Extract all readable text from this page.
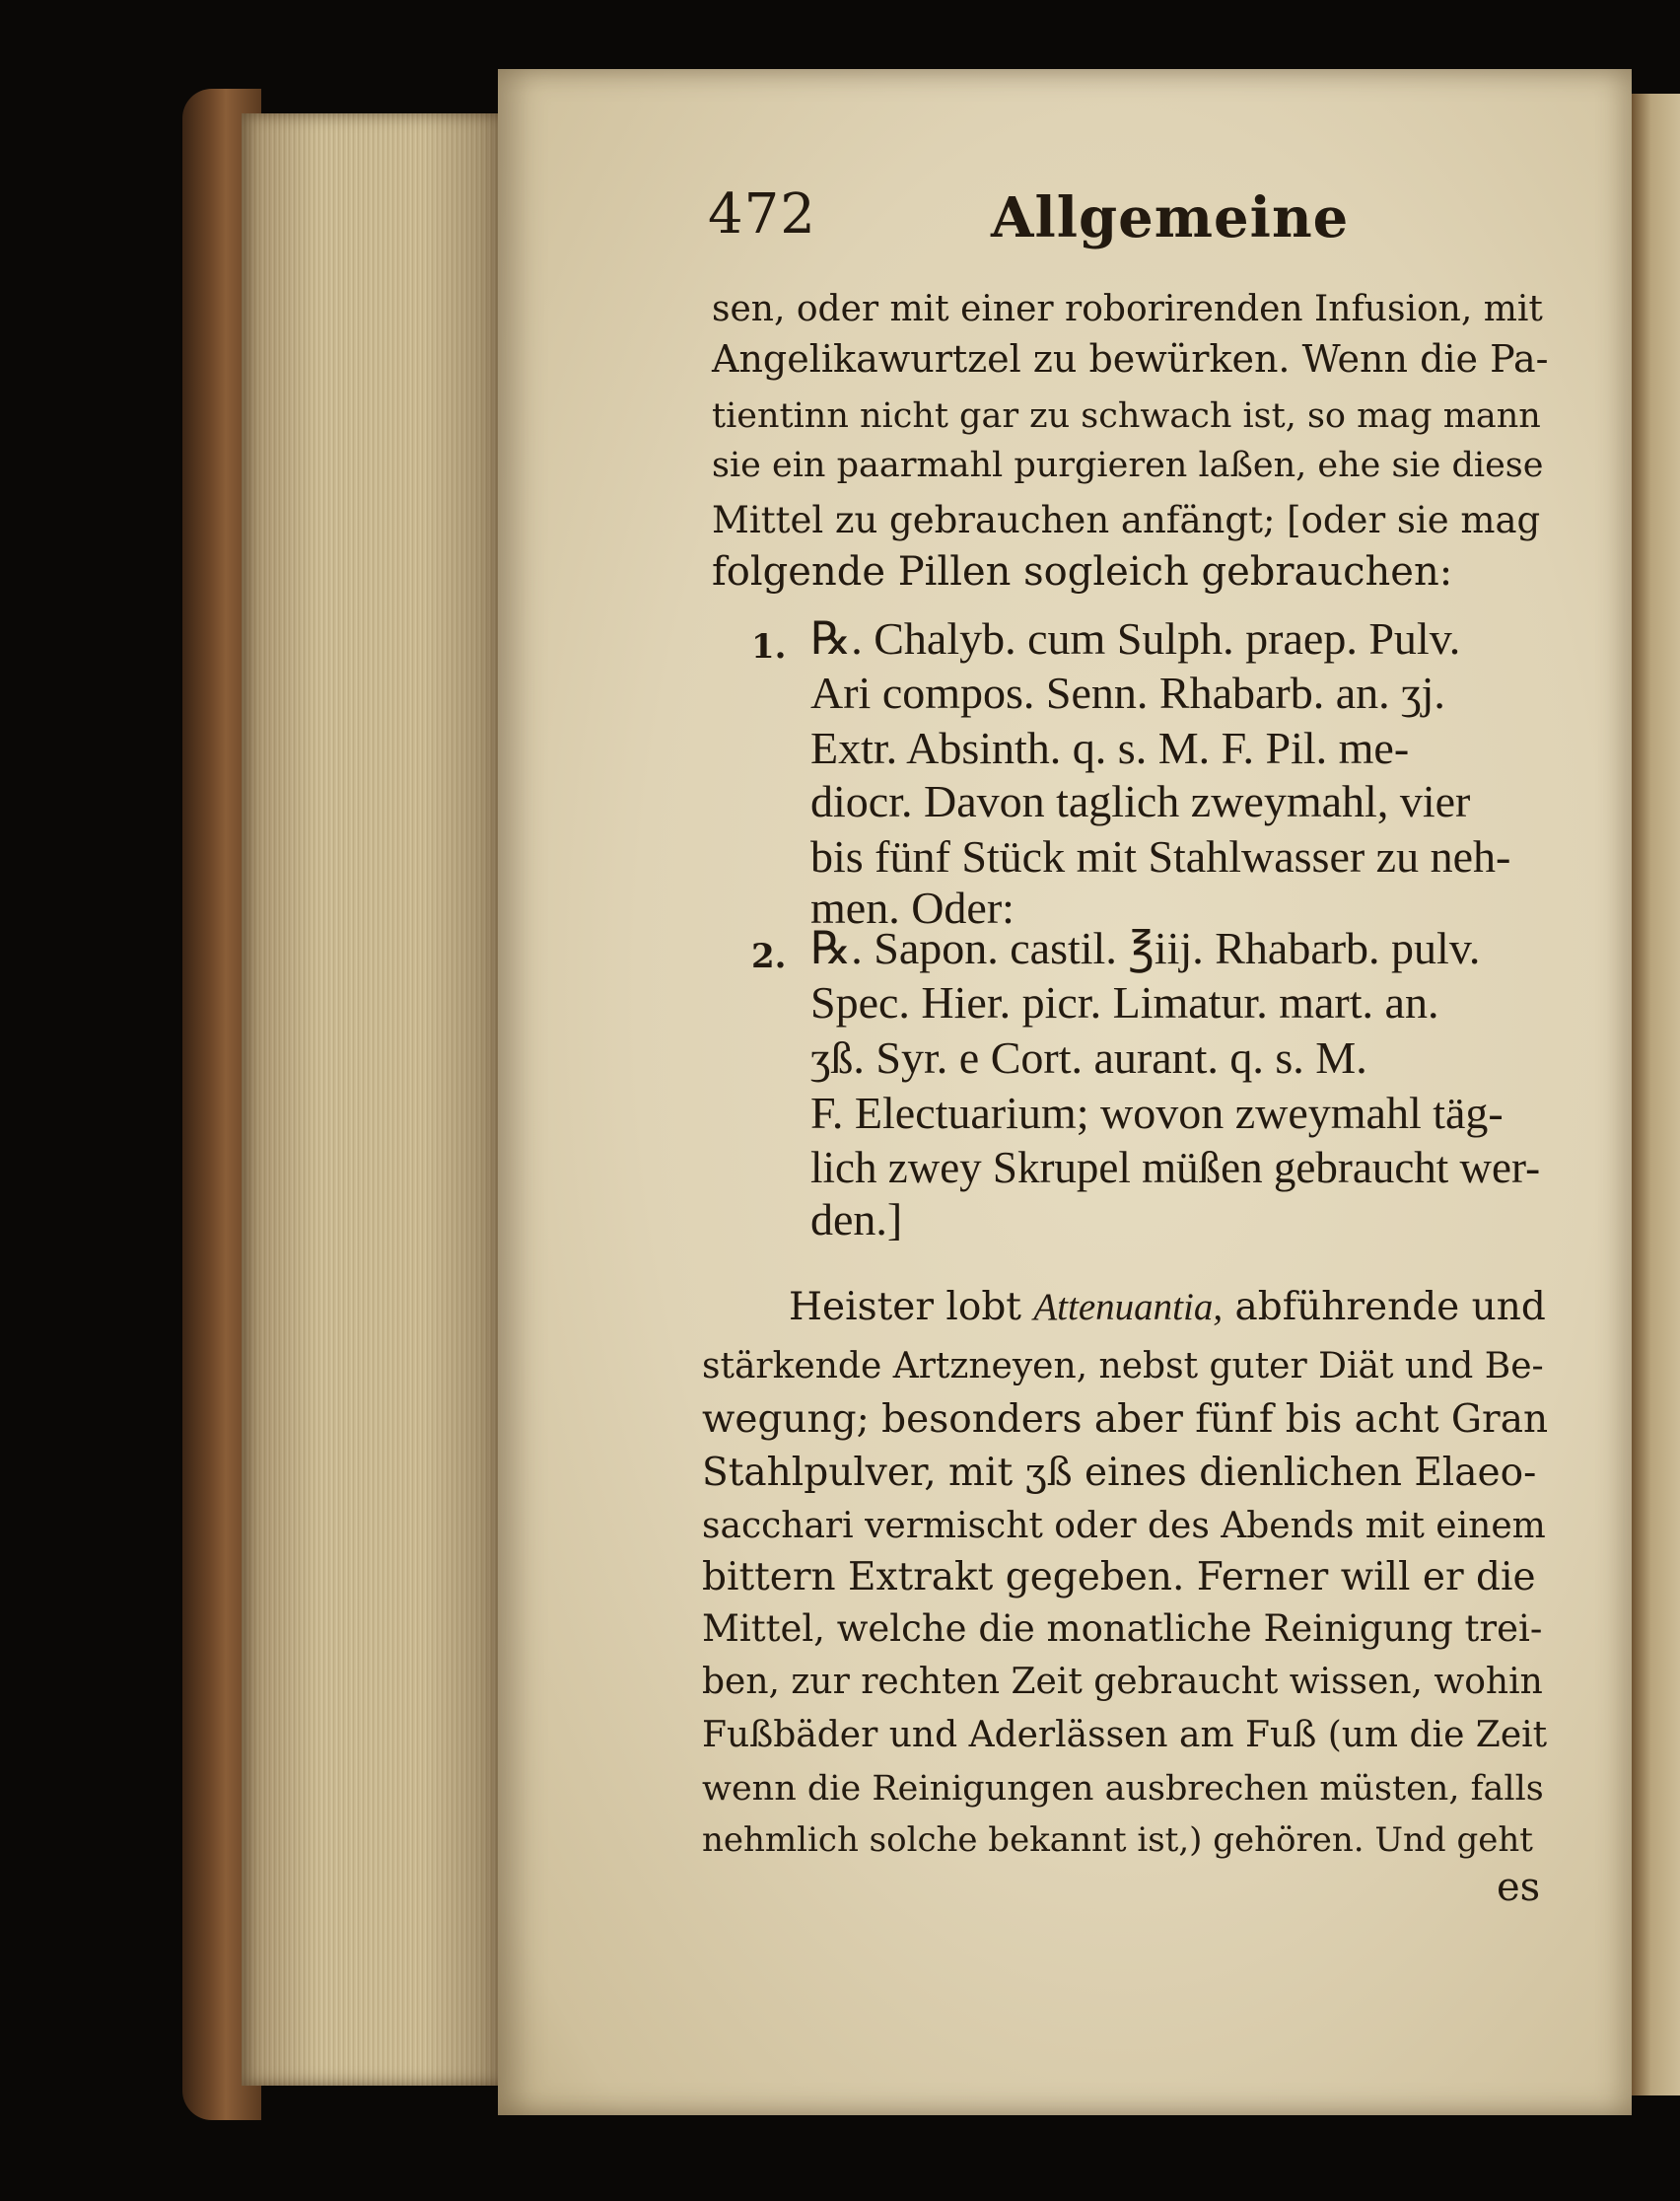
472	Allgemeine

sen, oder mit einer roborirenden Infusion, mit

Angelikawurtzel zu bewürken. Wenn die Pa-

tientinn nicht gar zu schwach ist, so mag mann

sie ein paarmahl purgieren laßen, ehe sie diese

Mittel zu gebrauchen anfängt; [oder sie mag

folgende Pillen sogleich gebrauchen:

1. ℞. Chalyb. cum Sulph. praep. Pulv.

Ari compos. Senn. Rhabarb. an. ʒj.

Extr. Absinth. q. s. M. F. Pil. me-

diocr. Davon taglich zweymahl, vier

bis fünf Stück mit Stahlwasser zu neh-

men. Oder:

2. ℞. Sapon. castil. ℥iij. Rhabarb. pulv.

Spec. Hier. picr. Limatur. mart. an.

ʒß. Syr. e Cort. aurant. q. s. M.

F. Electuarium; wovon zweymahl täg-

lich zwey Skrupel müßen gebraucht wer-

den.]

Heister lobt Attenuantia, abführende und

stärkende Artzneyen, nebst guter Diät und Be-

wegung; besonders aber fünf bis acht Gran

Stahlpulver, mit ʒß eines dienlichen Elaeo-

sacchari vermischt oder des Abends mit einem

bittern Extrakt gegeben. Ferner will er die

Mittel, welche die monatliche Reinigung trei-

ben, zur rechten Zeit gebraucht wissen, wohin

Fußbäder und Aderlässen am Fuß (um die Zeit

wenn die Reinigungen ausbrechen müsten, falls

nehmlich solche bekannt ist,) gehören. Und geht

es
